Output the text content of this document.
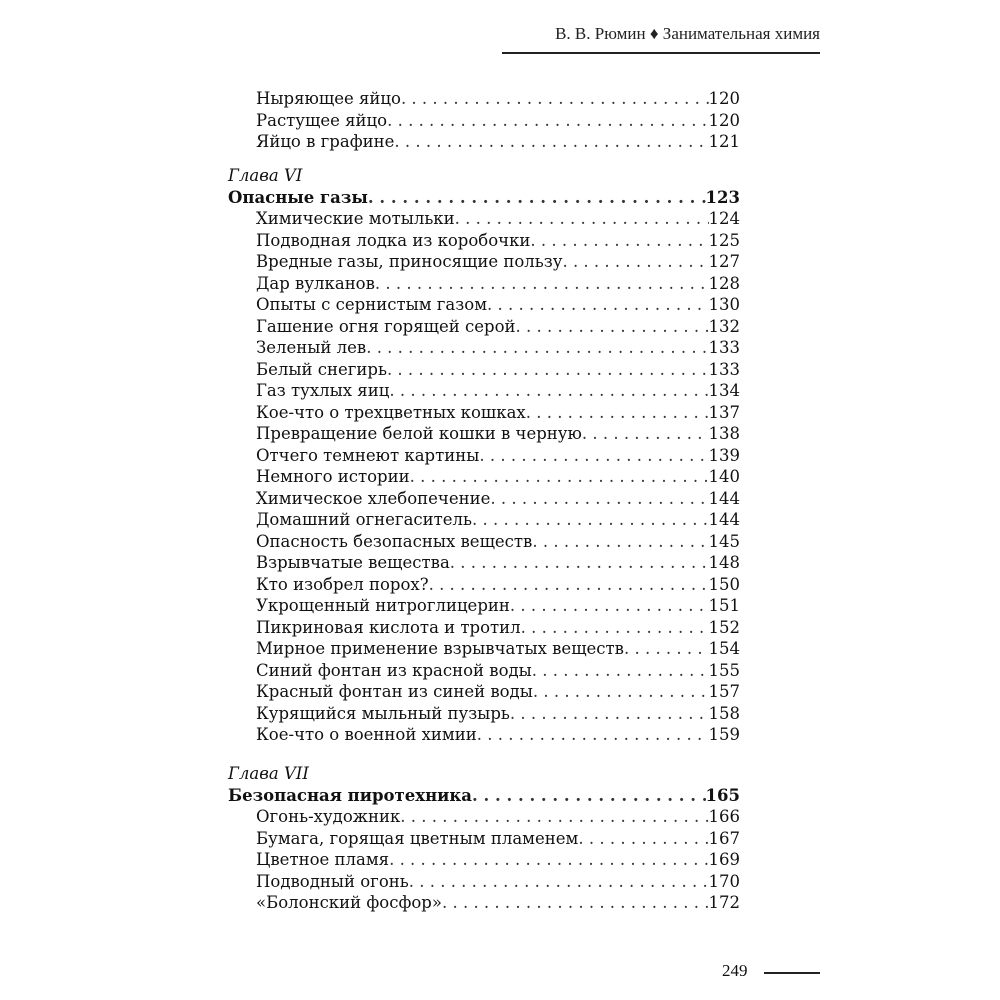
В. В. Рюмин ♦ Занимательная химия
Ныряющее яйцо . . .	120
Растущее яйцо . . .	120
Яйцо в графине . . .	121
Глава VI
Опасные газы . . .	123
Химические мотыльки . . .	124
Подводная лодка из коробочки . . .	125
Вредные газы, приносящие пользу . . .	127
Дар вулканов . . .	128
Опыты с сернистым газом . . .	130
Гашение огня горящей серой . . .	132
Зеленый лев . . .	133
Белый снегирь . . .	133
Газ тухлых яиц . . .	134
Кое-что о трехцветных кошках . . .	137
Превращение белой кошки в черную . . .	138
Отчего темнеют картины . . .	139
Немного истории . . .	140
Химическое хлебопечение . . .	144
Домашний огнегаситель . . .	144
Опасность безопасных веществ . . .	145
Взрывчатые вещества . . .	148
Кто изобрел порох? . . .	150
Укрощенный нитроглицерин . . .	151
Пикриновая кислота и тротил . . .	152
Мирное применение взрывчатых веществ . . .	154
Синий фонтан из красной воды . . .	155
Красный фонтан из синей воды . . .	157
Курящийся мыльный пузырь . . .	158
Кое-что о военной химии . . .	159
Глава VII
Безопасная пиротехника . . .	165
Огонь-художник . . .	166
Бумага, горящая цветным пламенем . . .	167
Цветное пламя . . .	169
Подводный огонь . . .	170
«Болонский фосфор» . . .	172
249
